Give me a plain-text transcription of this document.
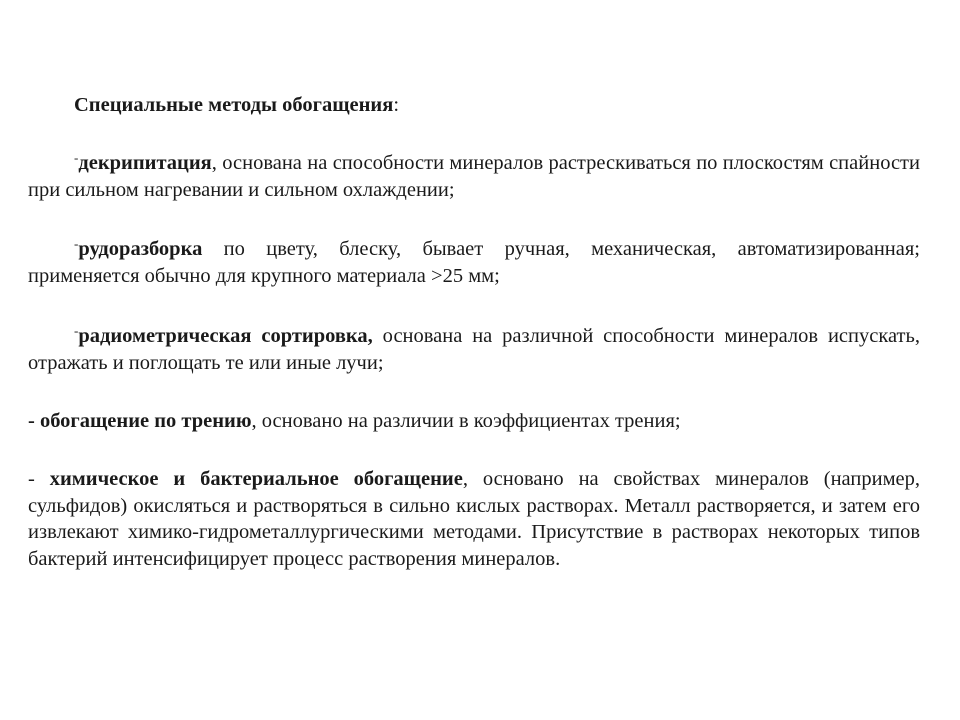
Специальные методы обогащения:

-декрипитация, основана на способности минералов растрескиваться по плоскостям спайности при сильном нагревании и сильном охлаждении;

-рудоразборка по цвету, блеску, бывает ручная, механическая, автоматизированная; применяется обычно для крупного материала >25 мм;

-радиометрическая сортировка, основана на различной способности минералов испускать, отражать и поглощать те или иные лучи;

- обогащение по трению, основано на различии в коэффициентах трения;

- химическое и бактериальное обогащение, основано на свойствах минералов (например, сульфидов) окисляться и растворяться в сильно кислых растворах. Металл растворяется, и затем его извлекают химико-гидрометаллургическими методами. Присутствие в растворах некоторых типов бактерий интенсифицирует процесс растворения минералов.
